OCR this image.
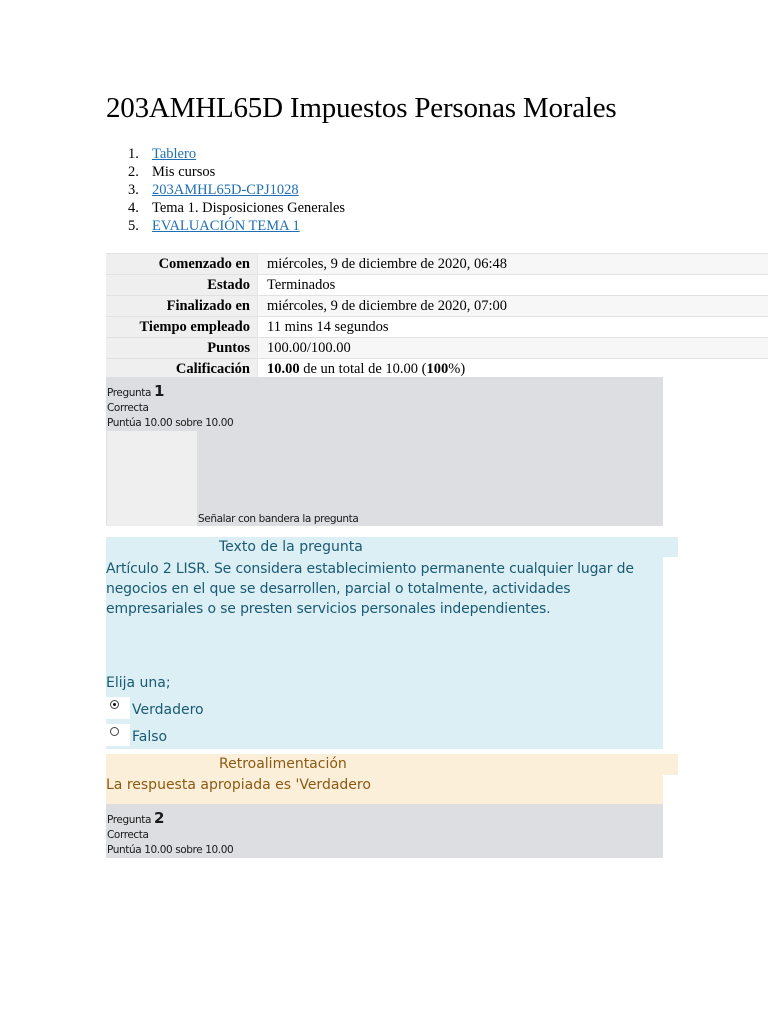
203AMHL65D Impuestos Personas Morales
1. Tablero
2. Mis cursos
3. 203AMHL65D-CPJ1028
4. Tema 1. Disposiciones Generales
5. EVALUACIÓN TEMA 1
Comenzado en	miércoles, 9 de diciembre de 2020, 06:48
Estado	Terminados
Finalizado en	miércoles, 9 de diciembre de 2020, 07:00
Tiempo empleado	11 mins 14 segundos
Puntos	100.00/100.00
Calificación	10.00 de un total de 10.00 (100%)
Pregunta 1
Correcta
Puntúa 10.00 sobre 10.00
Señalar con bandera la pregunta
Texto de la pregunta

Artículo 2 LISR. Se considera establecimiento permanente cualquier lugar de negocios en el que se desarrollen, parcial o totalmente, actividades empresariales o se presten servicios personales independientes.

Elija una;
Verdadero
Falso
Retroalimentación
La respuesta apropiada es 'Verdadero
Pregunta 2
Correcta
Puntúa 10.00 sobre 10.00
